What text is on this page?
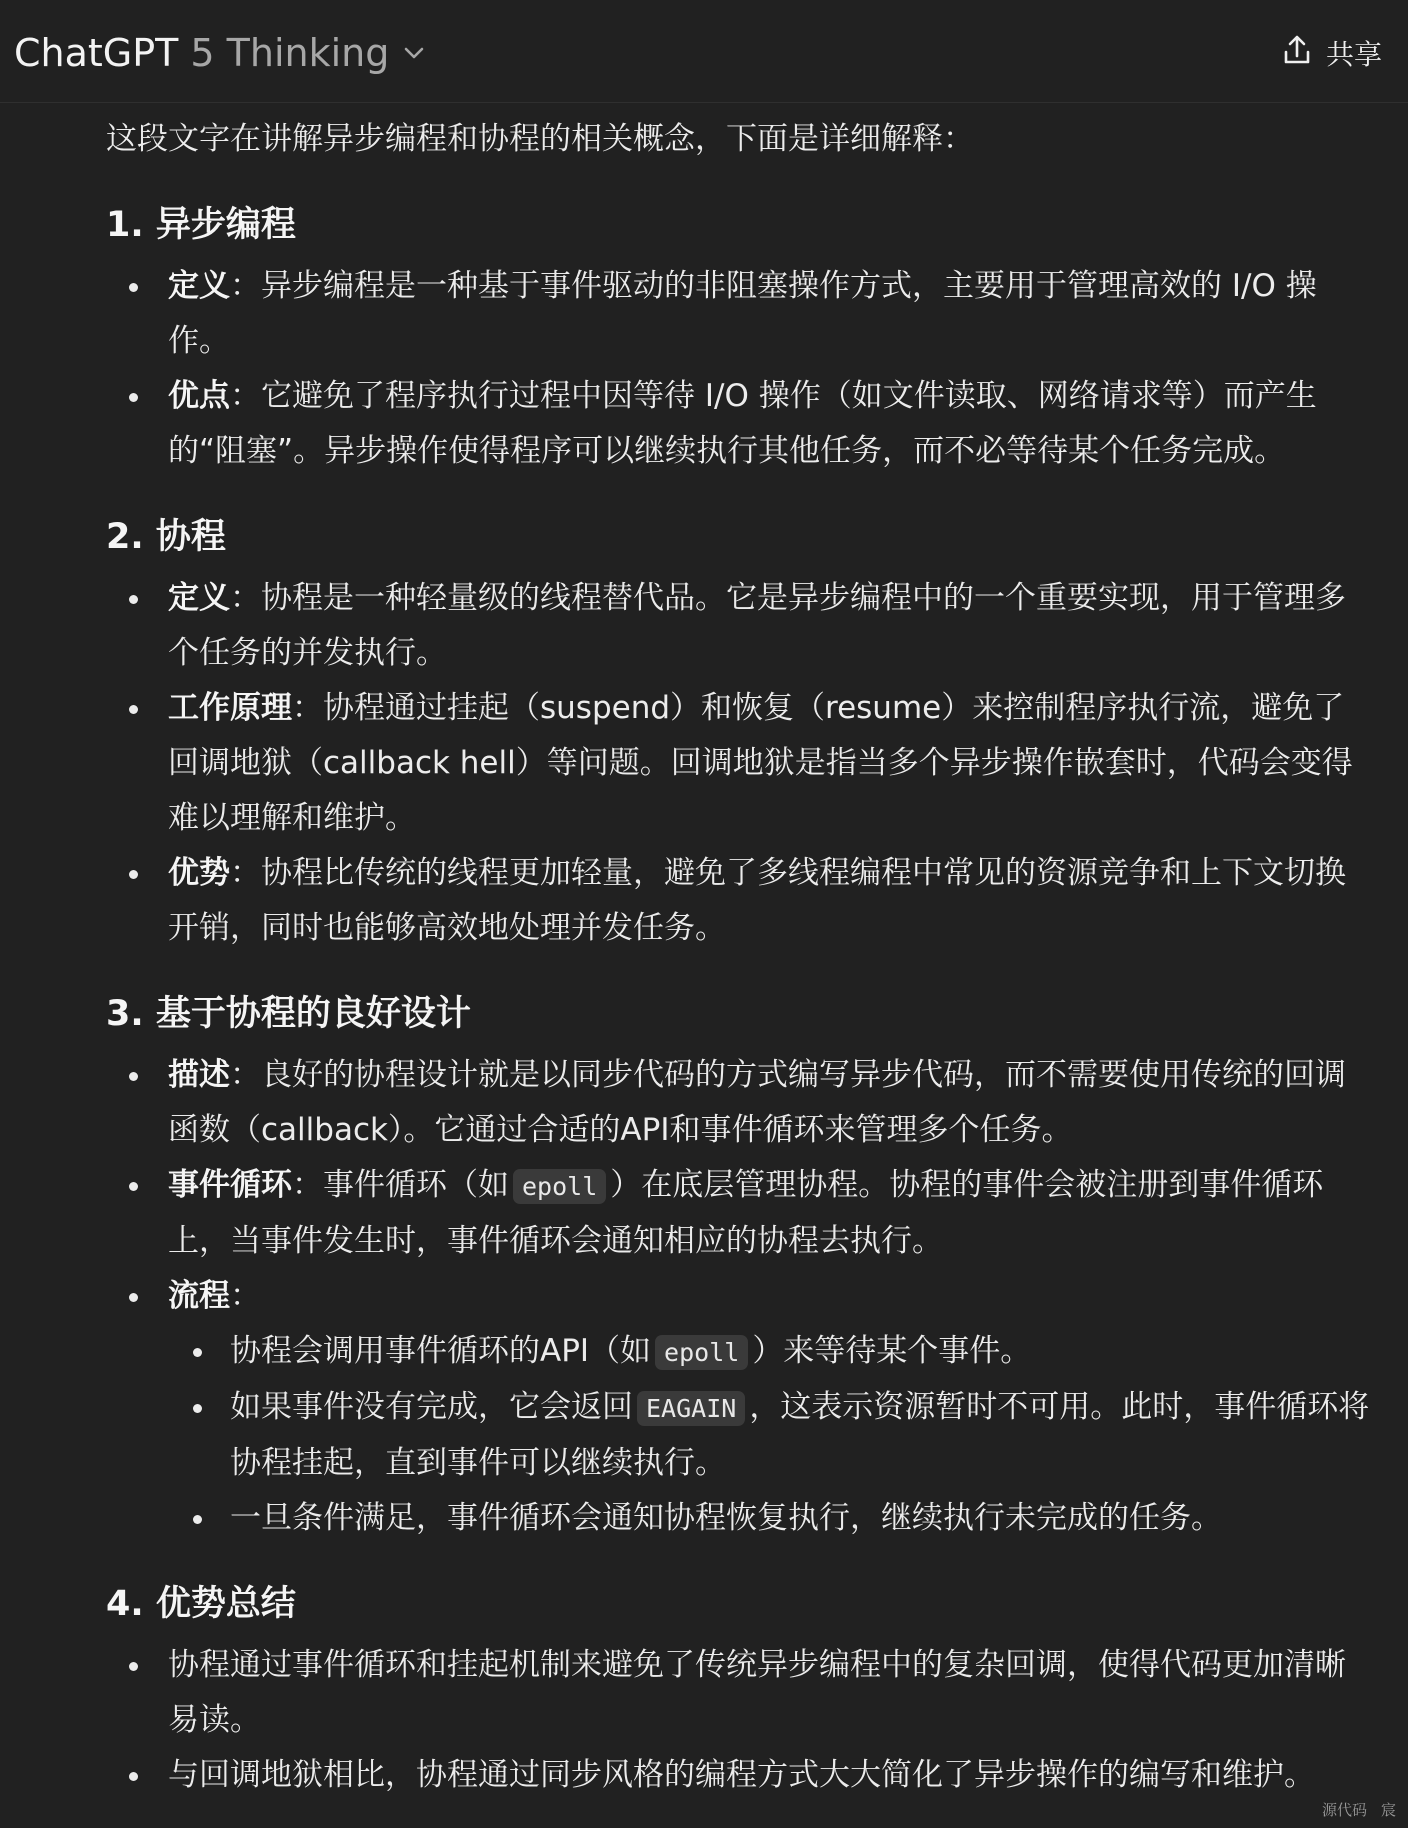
ChatGPT 5 Thinking	共享

这段文字在讲解异步编程和协程的相关概念，下面是详细解释：

1. 异步编程
定义：异步编程是一种基于事件驱动的非阻塞操作方式，主要用于管理高效的 I/O 操作。
优点：它避免了程序执行过程中因等待 I/O 操作（如文件读取、网络请求等）而产生的“阻塞”。异步操作使得程序可以继续执行其他任务，而不必等待某个任务完成。
2. 协程
定义：协程是一种轻量级的线程替代品。它是异步编程中的一个重要实现，用于管理多个任务的并发执行。
工作原理：协程通过挂起（suspend）和恢复（resume）来控制程序执行流，避免了回调地狱（callback hell）等问题。回调地狱是指当多个异步操作嵌套时，代码会变得难以理解和维护。
优势：协程比传统的线程更加轻量，避免了多线程编程中常见的资源竞争和上下文切换开销，同时也能够高效地处理并发任务。
3. 基于协程的良好设计
描述：良好的协程设计就是以同步代码的方式编写异步代码，而不需要使用传统的回调函数（callback）。它通过合适的API和事件循环来管理多个任务。
事件循环：事件循环（如 epoll ）在底层管理协程。协程的事件会被注册到事件循环上，当事件发生时，事件循环会通知相应的协程去执行。
流程：
协程会调用事件循环的API（如 epoll ）来等待某个事件。
如果事件没有完成，它会返回 EAGAIN ，这表示资源暂时不可用。此时，事件循环将协程挂起，直到事件可以继续执行。
一旦条件满足，事件循环会通知协程恢复执行，继续执行未完成的任务。
4. 优势总结
协程通过事件循环和挂起机制来避免了传统异步编程中的复杂回调，使得代码更加清晰易读。
与回调地狱相比，协程通过同步风格的编程方式大大简化了异步操作的编写和维护。
源代码 宸
